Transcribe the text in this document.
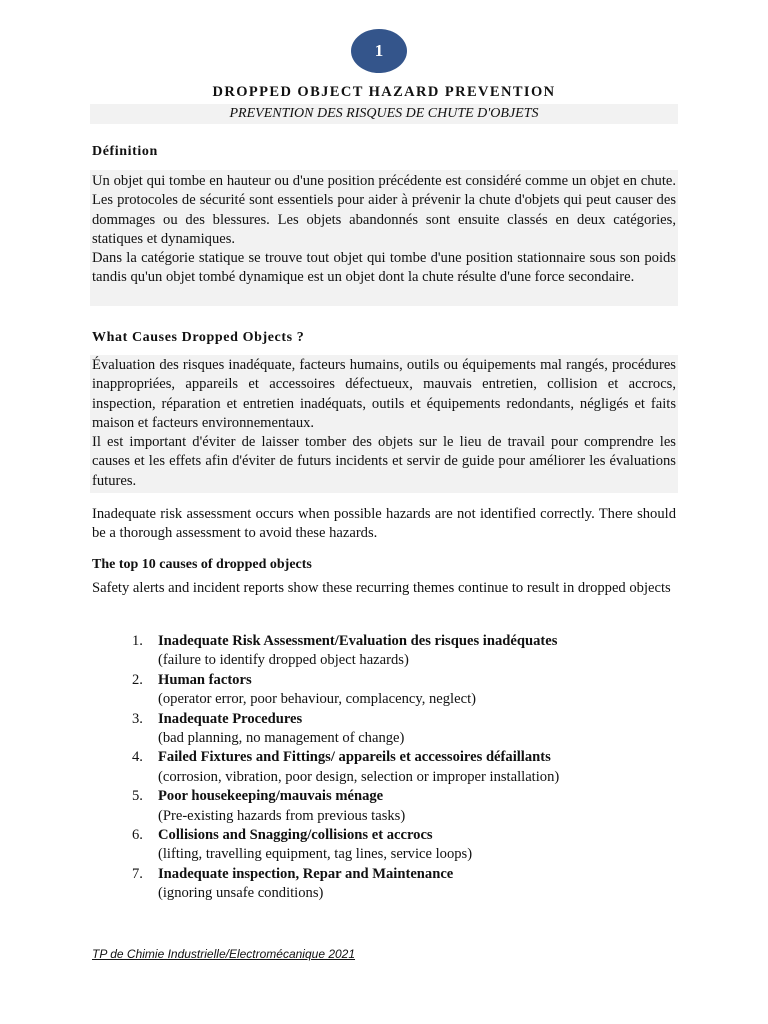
1
DROPPED OBJECT HAZARD PREVENTION
PREVENTION DES RISQUES DE CHUTE D'OBJETS
Définition

Un objet qui tombe en hauteur ou d'une position précédente est considéré comme un objet en chute. Les protocoles de sécurité sont essentiels pour aider à prévenir la chute d'objets qui peut causer des dommages ou des blessures. Les objets abandonnés sont ensuite classés en deux catégories, statiques et dynamiques.

Dans la catégorie statique se trouve tout objet qui tombe d'une position stationnaire sous son poids tandis qu'un objet tombé dynamique est un objet dont la chute résulte d'une force secondaire.

What Causes Dropped Objects ?

Évaluation des risques inadéquate, facteurs humains, outils ou équipements mal rangés, procédures inappropriées, appareils et accessoires défectueux, mauvais entretien, collision et accrocs, inspection, réparation et entretien inadéquats, outils et équipements redondants, négligés et faits maison et facteurs environnementaux.

Il est important d'éviter de laisser tomber des objets sur le lieu de travail pour comprendre les causes et les effets afin d'éviter de futurs incidents et servir de guide pour améliorer les évaluations futures.

Inadequate risk assessment occurs when possible hazards are not identified correctly. There should be a thorough assessment to avoid these hazards.
The top 10 causes of dropped objects
Safety alerts and incident reports show these recurring themes continue to result in dropped objects
1. Inadequate Risk Assessment/Evaluation des risques inadéquates
(failure to identify dropped object hazards)
2. Human factors
(operator error, poor behaviour, complacency, neglect)
3. Inadequate Procedures
(bad planning, no management of change)
4. Failed Fixtures and Fittings/ appareils et accessoires défaillants
(corrosion, vibration, poor design, selection or improper installation)
5. Poor housekeeping/mauvais ménage
(Pre-existing hazards from previous tasks)
6. Collisions and Snagging/collisions et accrocs
(lifting, travelling equipment, tag lines, service loops)
7. Inadequate inspection, Repar and Maintenance
(ignoring unsafe conditions)
TP de Chimie Industrielle/Electromécanique 2021
